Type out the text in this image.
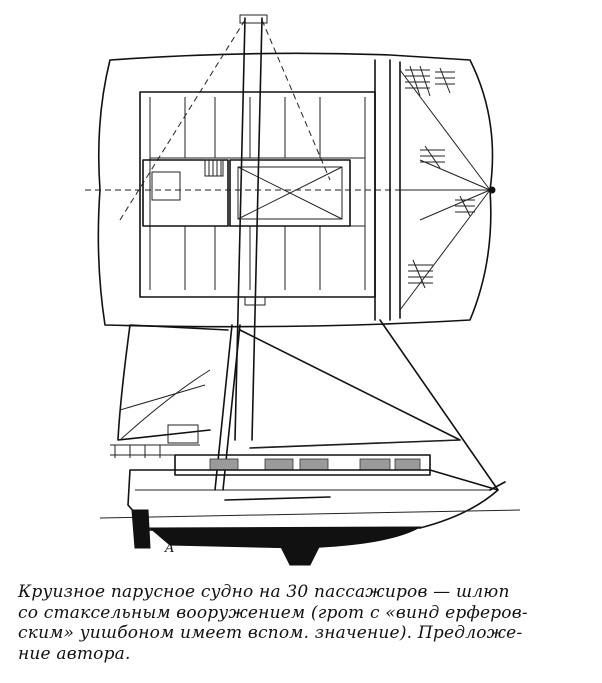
A
Круизное парусное судно на 30 пассажиров — шлюп
со стаксельным вооружением (грот с «винд ерферов-
ским» уишбоном имеет вспом. значение). Предложе-
ние автора.
